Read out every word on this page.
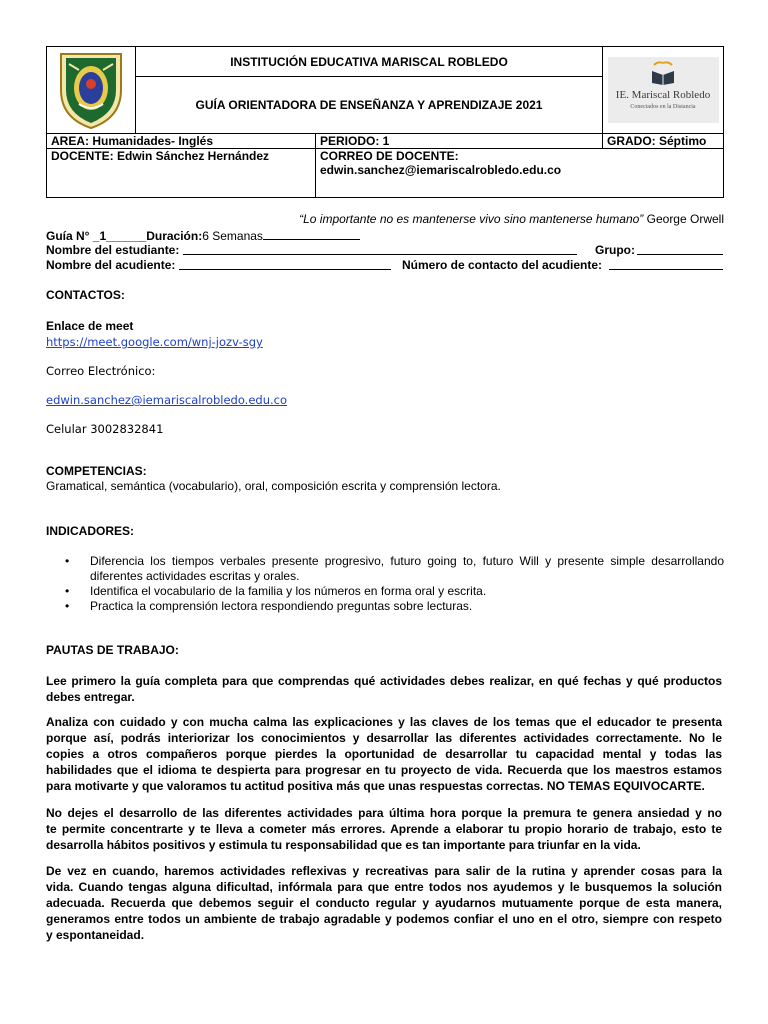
	INSTITUCIÓN EDUCATIVA MARISCAL ROBLEDO		IE. Mariscal Robledo
Conectados en la Distancia

	GUÍA ORIENTADORA DE ENSEÑANZA Y APRENDIZAJE 2021		
AREA: Humanidades- Inglés		PERIODO: 1	GRADO: Séptimo
DOCENTE: Edwin Sánchez Hernández		CORREO DE DOCENTE:
edwin.sanchez@iemariscalrobledo.edu.co	
“Lo importante no es mantenerse vivo sino mantenerse humano” George Orwell
Guía N° _1______Duración:6 Semanas
Nombre del estudiante:	Grupo:
Nombre del acudiente:	Número de contacto del acudiente:
CONTACTOS:
Enlace de meet
https://meet.google.com/wnj-jozv-sgy
Correo Electrónico:
edwin.sanchez@iemariscalrobledo.edu.co
Celular 3002832841
COMPETENCIAS:
Gramatical, semántica (vocabulario), oral, composición escrita y comprensión lectora.
INDICADORES:
• Diferencia los tiempos verbales presente progresivo, futuro going to, futuro Will y presente simple desarrollando
diferentes actividades escritas y orales.
• Identifica el vocabulario de la familia y los números en forma oral y escrita.
• Practica la comprensión lectora respondiendo preguntas sobre lecturas.
PAUTAS DE TRABAJO:
Lee primero la guía completa para que comprendas qué actividades debes realizar, en qué fechas y qué productos
debes entregar.
Analiza con cuidado y con mucha calma las explicaciones y las claves de los temas que el educador te presenta
porque así, podrás interiorizar los conocimientos y desarrollar las diferentes actividades correctamente. No le
copies a otros compañeros porque pierdes la oportunidad de desarrollar tu capacidad mental y todas las
habilidades que el idioma te despierta para progresar en tu proyecto de vida. Recuerda que los maestros estamos
para motivarte y que valoramos tu actitud positiva más que unas respuestas correctas. NO TEMAS EQUIVOCARTE.
No dejes el desarrollo de las diferentes actividades para última hora porque la premura te genera ansiedad y no
te permite concentrarte y te lleva a cometer más errores. Aprende a elaborar tu propio horario de trabajo, esto te
desarrolla hábitos positivos y estimula tu responsabilidad que es tan importante para triunfar en la vida.
De vez en cuando, haremos actividades reflexivas y recreativas para salir de la rutina y aprender cosas para la
vida. Cuando tengas alguna dificultad, infórmala para que entre todos nos ayudemos y le busquemos la solución
adecuada. Recuerda que debemos seguir el conducto regular y ayudarnos mutuamente porque de esta manera,
generamos entre todos un ambiente de trabajo agradable y podemos confiar el uno en el otro, siempre con respeto
y espontaneidad.
